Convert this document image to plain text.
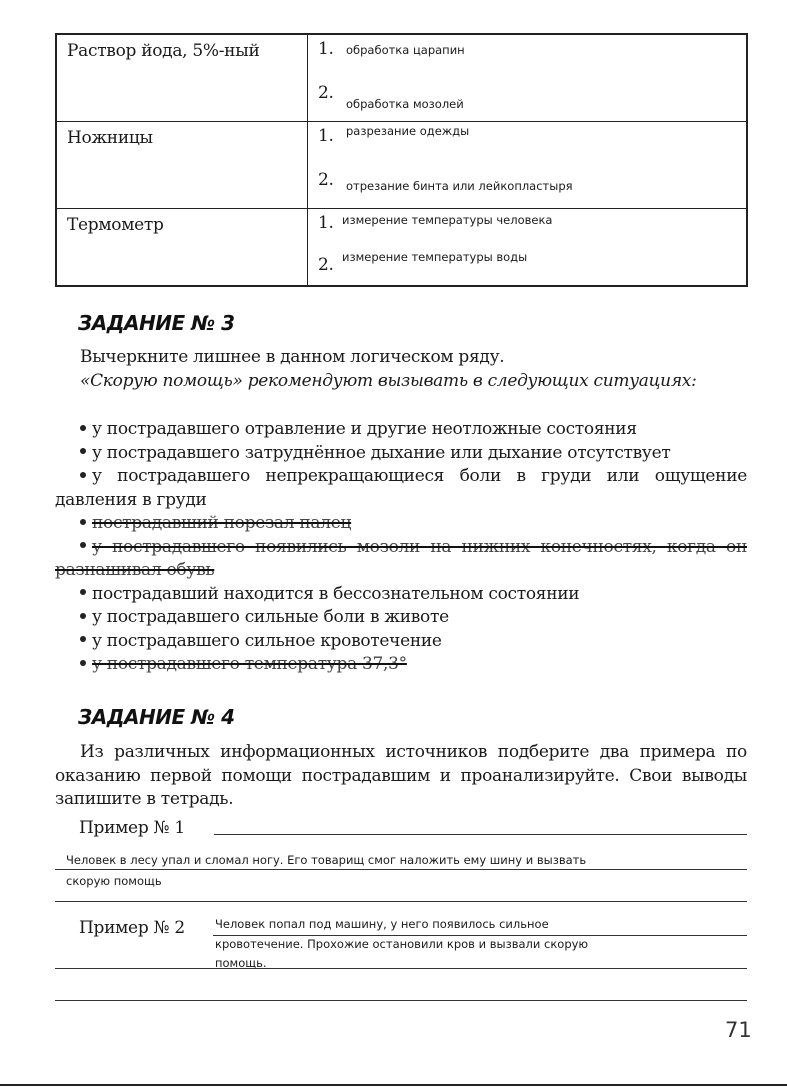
Раствор йода, 5%-ный	1. обработка царапин
2.
обработка мозолей
Ножницы	1. разрезание одежды
2. отрезание бинта или лейкопластыря
Термометр	1. измерение температуры человека
2. измерение температуры воды
ЗАДАНИЕ № 3
Вычеркните лишнее в данном логическом ряду.
«Скорую помощь» рекомендуют вызывать в следующих ситуациях:
у пострадавшего отравление и другие неотложные состояния
у пострадавшего затруднённое дыхание или дыхание отсутствует
у пострадавшего непрекращающиеся боли в груди или ощущение давления в груди
пострадавший порезал палец
у пострадавшего появились мозоли на нижних конечностях, когда он разнашивал обувь
пострадавший находится в бессознательном состоянии
у пострадавшего сильные боли в животе
у пострадавшего сильное кровотечение
у пострадавшего температура 37,3°
ЗАДАНИЕ № 4
Из различных информационных источников подберите два примера по оказанию первой помощи пострадавшим и проанализируйте. Свои выводы запишите в тетрадь.
Пример № 1
Человек в лесу упал и сломал ногу. Его товарищ смог наложить ему шину и вызвать
скорую помощь
Пример № 2	Человек попал под машину, у него появилось сильное
кровотечение. Прохожие остановили кров и вызвали скорую
помощь.
71
